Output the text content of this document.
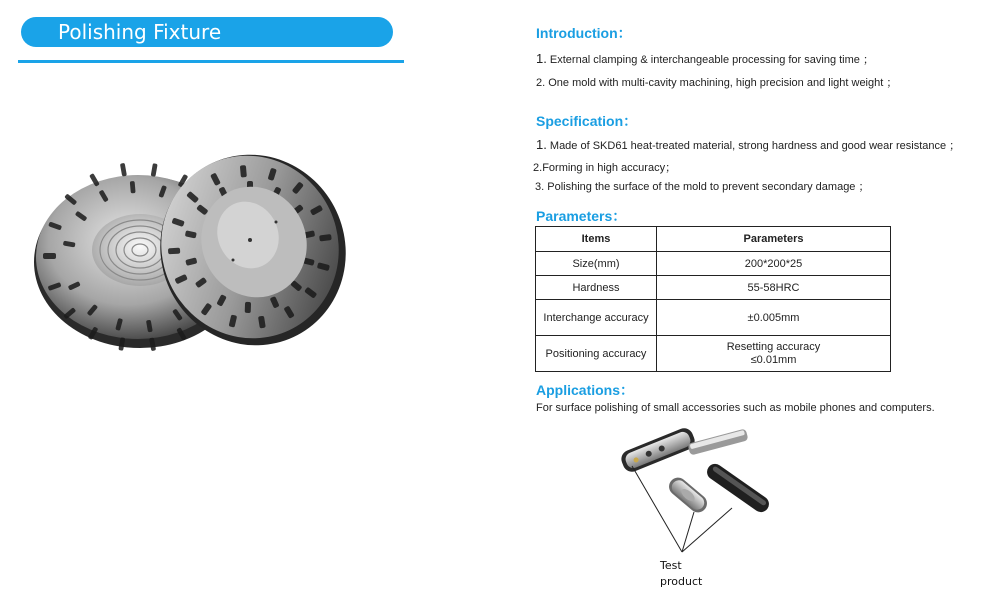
Polishing Fixture	Introduction：
1. External clamping & interchangeable processing for saving time ；
2. One mold with multi-cavity machining, high precision and light weight ；
Specification：
1. Made of SKD61 heat-treated material, strong hardness and good wear resistance ；
2.Forming in high accuracy；
3. Polishing the surface of the mold to prevent secondary damage ；
Parameters：
Items	Parameters
Size(mm)	200*200*25
Hardness	55-58HRC
Interchange accuracy	±0.005mm
Positioning accuracy	Resetting accuracy ≤0.01mm
Applications：
For surface polishing of small accessories such as mobile phones and computers.
Test
product
